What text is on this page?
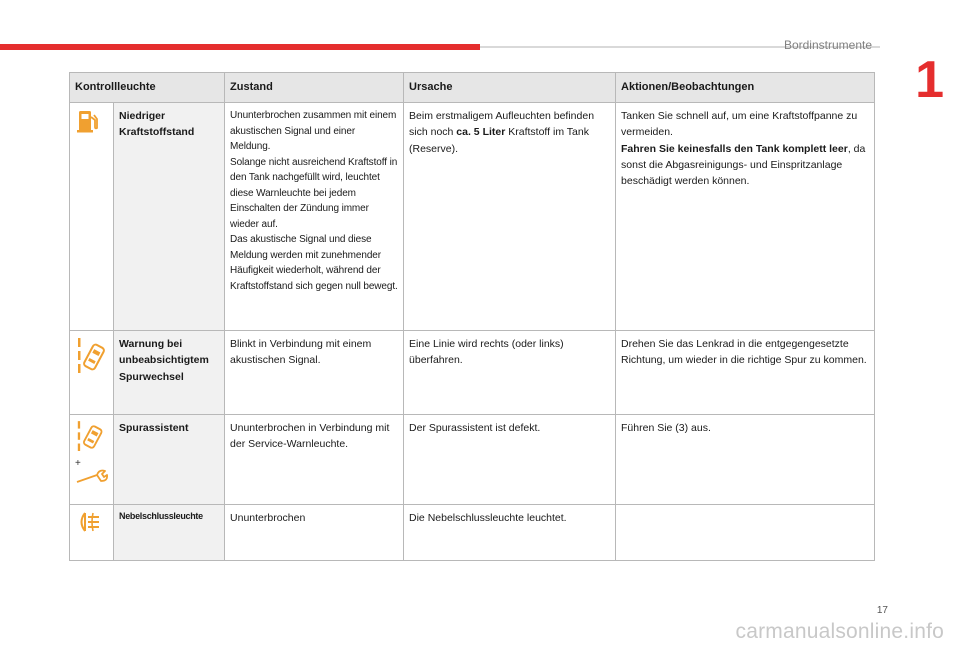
Bordinstrumente
1
Kontrollleuchte		Zustand	Ursache	Aktionen/Beobachtungen
	Niedriger
Kraftstoffstand	Ununterbrochen zusammen mit einem akustischen Signal und einer Meldung.
Solange nicht ausreichend Kraftstoff in den Tank nachgefüllt wird, leuchtet diese Warnleuchte bei jedem Einschalten der Zündung immer wieder auf.
Das akustische Signal und diese Meldung werden mit zunehmender Häufigkeit wiederholt, während der Kraftstoffstand sich gegen null bewegt.	Beim erstmaligem Aufleuchten befinden sich noch ca. 5 Liter Kraftstoff im Tank (Reserve).	Tanken Sie schnell auf, um eine Kraftstoffpanne zu vermeiden.
Fahren Sie keinesfalls den Tank komplett leer, da sonst die Abgasreinigungs- und Einspritzanlage beschädigt werden können.
	Warnung bei
unbeabsichtigtem
Spurwechsel	Blinkt in Verbindung mit einem akustischen Signal.	Eine Linie wird rechts (oder links) überfahren.	Drehen Sie das Lenkrad in die entgegengesetzte Richtung, um wieder in die richtige Spur zu kommen.

+	Spurassistent	Ununterbrochen in Verbindung mit der Service-Warnleuchte.	Der Spurassistent ist defekt.	Führen Sie (3) aus.
	Nebelschlussleuchte	Ununterbrochen	Die Nebelschlussleuchte leuchtet.	
17
carmanualsonline.info
